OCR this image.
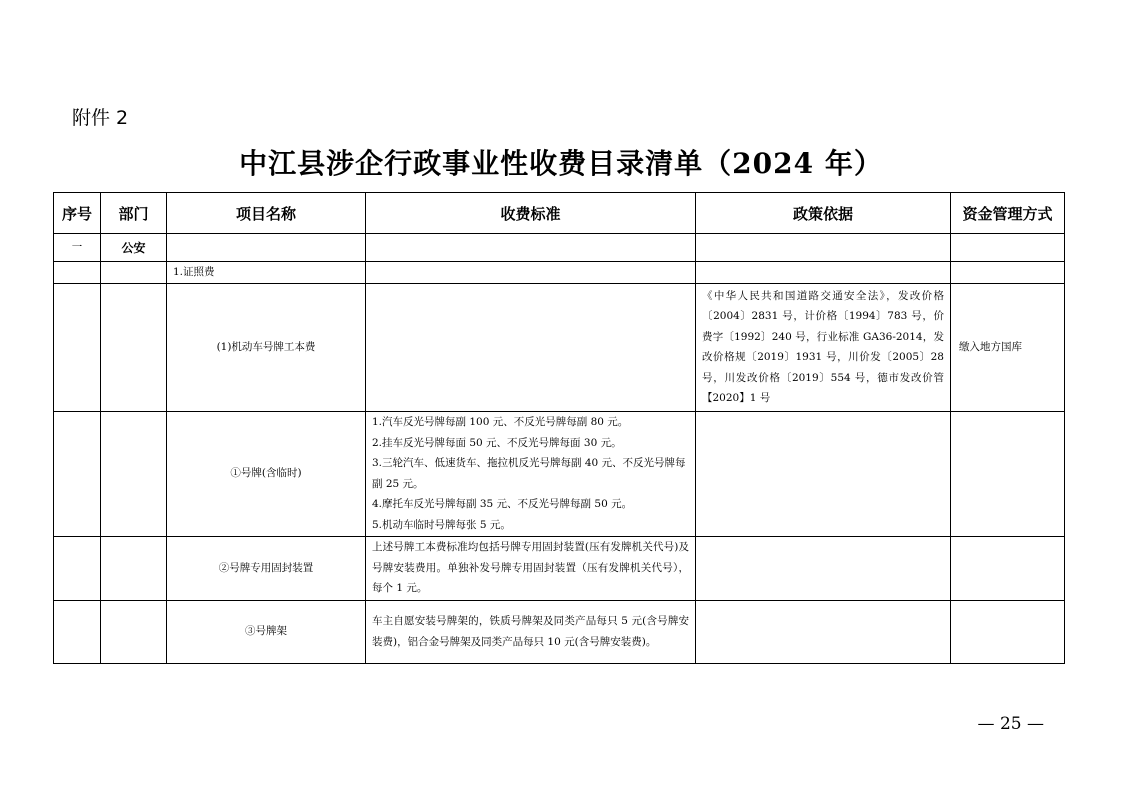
附件 2
中江县涉企行政事业性收费目录清单（2024 年）
序号	部门	项目名称	收费标准	政策依据	资金管理方式
一	公安				
		1.证照费			
		(1)机动车号牌工本费		《中华人民共和国道路交通安全法》，发改价格〔2004〕2831 号，计价格〔1994〕783 号，价费字〔1992〕240 号，行业标准 GA36-2014，发改价格规〔2019〕1931 号，川价发〔2005〕28 号，川发改价格〔2019〕554 号，德市发改价管【2020】1 号	缴入地方国库
		①号牌(含临时)	1.汽车反光号牌每副 100 元、不反光号牌每副 80 元。
2.挂车反光号牌每面 50 元、不反光号牌每面 30 元。
3.三轮汽车、低速货车、拖拉机反光号牌每副 40 元、不反光号牌每副 25 元。
4.摩托车反光号牌每副 35 元、不反光号牌每副 50 元。
5.机动车临时号牌每张 5 元。		

		②号牌专用固封装置	上述号牌工本费标准均包括号牌专用固封装置(压有发牌机关代号)及号牌安装费用。单独补发号牌专用固封装置（压有发牌机关代号），每个 1 元。		
		③号牌架	车主自愿安装号牌架的，铁质号牌架及同类产品每只 5 元(含号牌安装费)，铝合金号牌架及同类产品每只 10 元(含号牌安装费)。		
— 25 —
